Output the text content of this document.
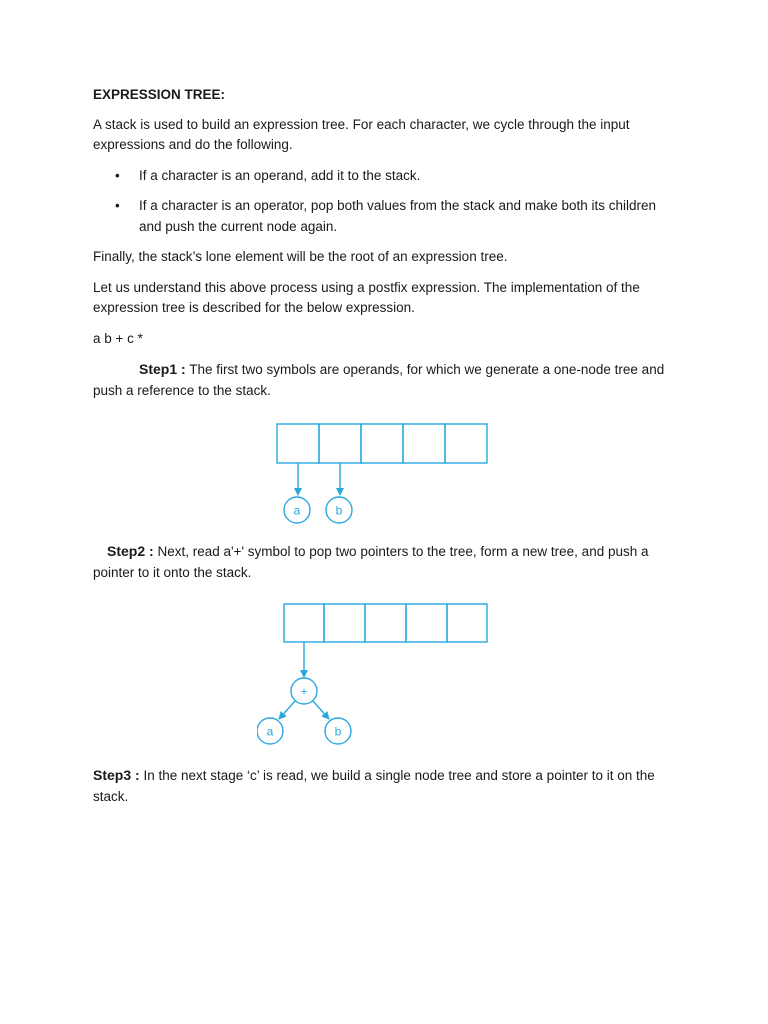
EXPRESSION TREE:

A stack is used to build an expression tree. For each character, we cycle through the input expressions and do the following.

• If a character is an operand, add it to the stack.
• If a character is an operator, pop both values from the stack and make both its children and push the current node again.

Finally, the stack’s lone element will be the root of an expression tree.

Let us understand this above process using a postfix expression. The implementation of the expression tree is described for the below expression.

a b + c *

Step1 : The first two symbols are operands, for which we generate a one-node tree and push a reference to the stack.

a	b

Step2 : Next, read a'+' symbol to pop two pointers to the tree, form a new tree, and push a pointer to it onto the stack.

+
a	b

Step3 : In the next stage ‘c’ is read, we build a single node tree and store a pointer to it on the stack.
